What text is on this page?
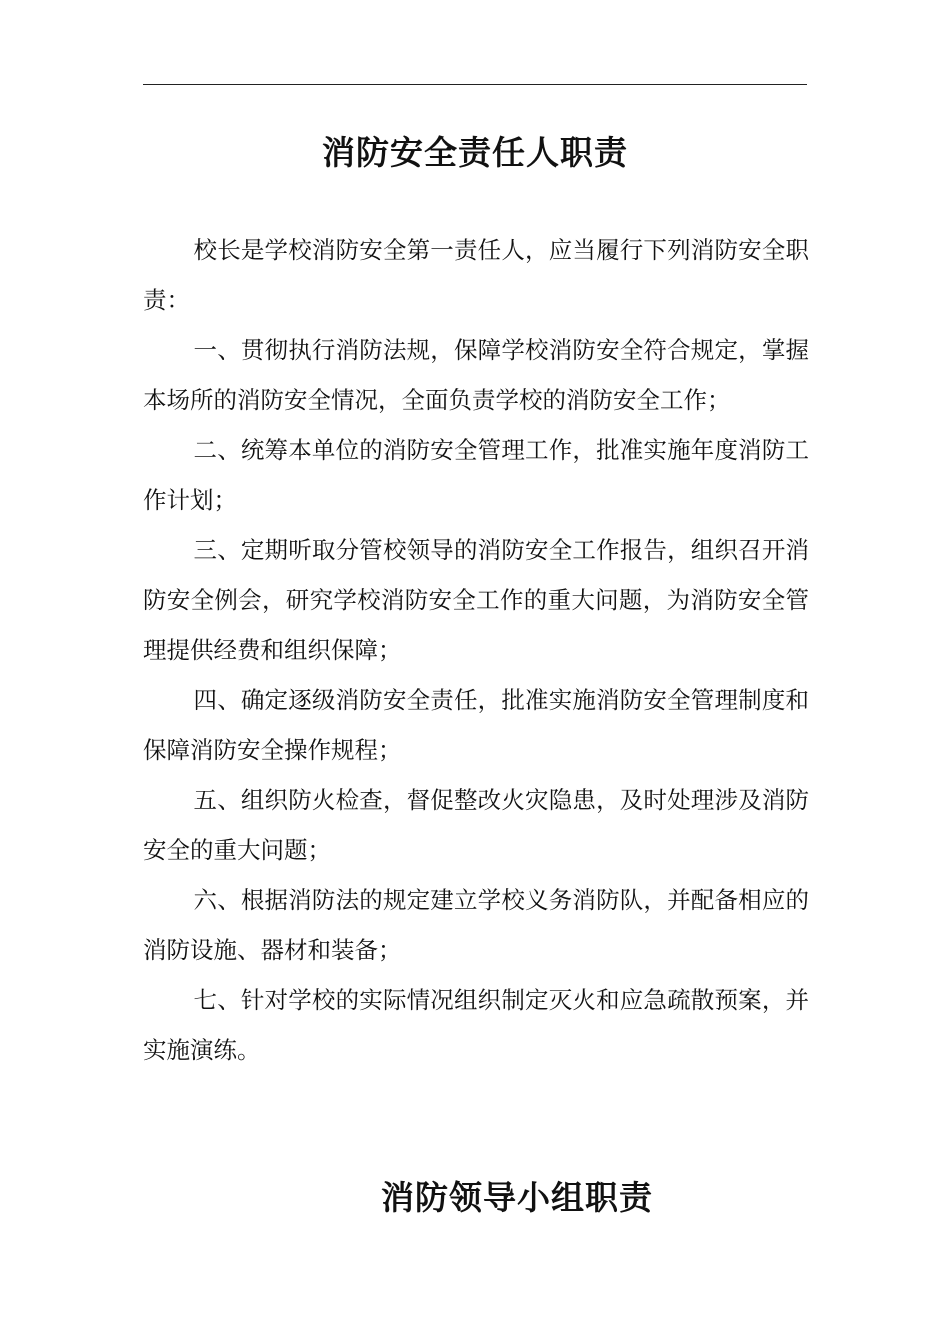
消防安全责任人职责

校长是学校消防安全第一责任人，应当履行下列消防安全职责：

一、贯彻执行消防法规，保障学校消防安全符合规定，掌握本场所的消防安全情况，全面负责学校的消防安全工作；

二、统筹本单位的消防安全管理工作，批准实施年度消防工作计划；

三、定期听取分管校领导的消防安全工作报告，组织召开消防安全例会，研究学校消防安全工作的重大问题，为消防安全管理提供经费和组织保障；

四、确定逐级消防安全责任，批准实施消防安全管理制度和保障消防安全操作规程；

五、组织防火检查，督促整改火灾隐患，及时处理涉及消防安全的重大问题；

六、根据消防法的规定建立学校义务消防队，并配备相应的消防设施、器材和装备；

七、针对学校的实际情况组织制定灭火和应急疏散预案，并实施演练。

消防领导小组职责
